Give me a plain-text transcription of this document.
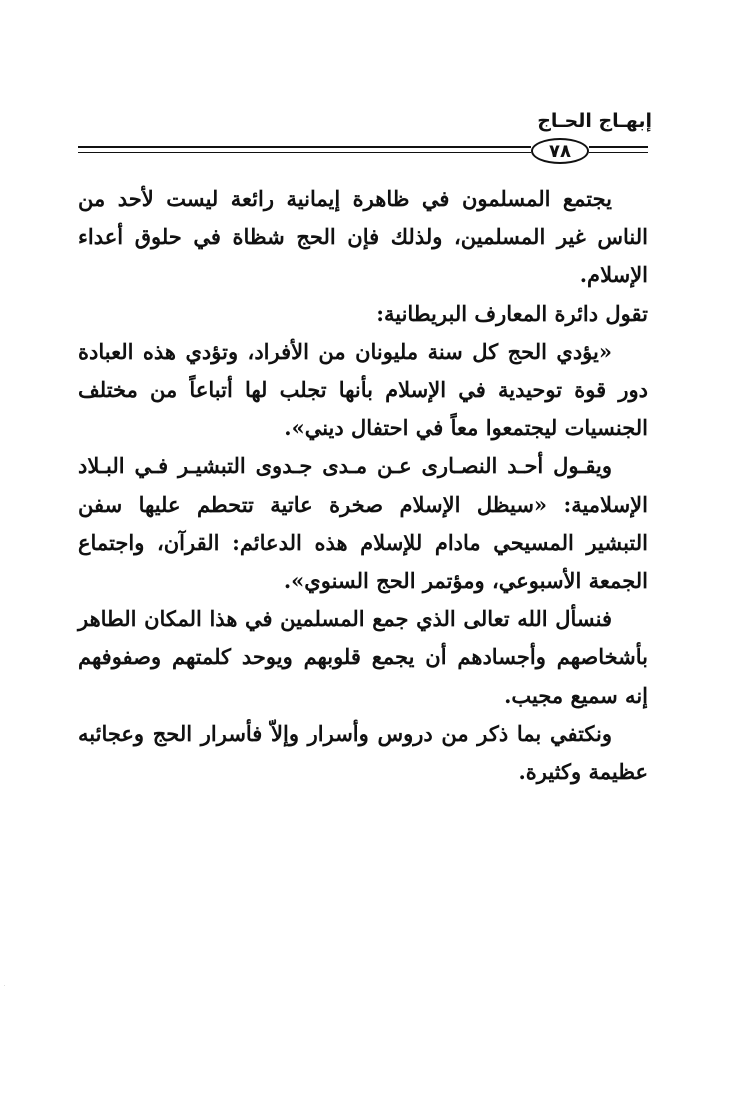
إبهـاج الحـاج
٧٨

يجتمع المسلمون في ظاهرة إيمانية رائعة ليست لأحد من الناس غير المسلمين، ولذلك فإن الحج شظاة في حلوق أعداء الإسلام.

تقول دائرة المعارف البريطانية:

«يؤدي الحج كل سنة مليونان من الأفراد، وتؤدي هذه العبادة دور قوة توحيدية في الإسلام بأنها تجلب لها أتباعاً من مختلف الجنسيات ليجتمعوا معاً في احتفال ديني».

ويقـول أحـد النصـارى عـن مـدى جـدوى التبشيـر فـي البـلاد الإسلامية: «سيظل الإسلام صخرة عاتية تتحطم عليها سفن التبشير المسيحي مادام للإسلام هذه الدعائم: القرآن، واجتماع الجمعة الأسبوعي، ومؤتمر الحج السنوي».

فنسأل الله تعالى الذي جمع المسلمين في هذا المكان الطاهر بأشخاصهم وأجسادهم أن يجمع قلوبهم ويوحد كلمتهم وصفوفهم إنه سميع مجيب.

ونكتفي بما ذكر من دروس وأسرار وإلاّ فأسرار الحج وعجائبه عظيمة وكثيرة.
